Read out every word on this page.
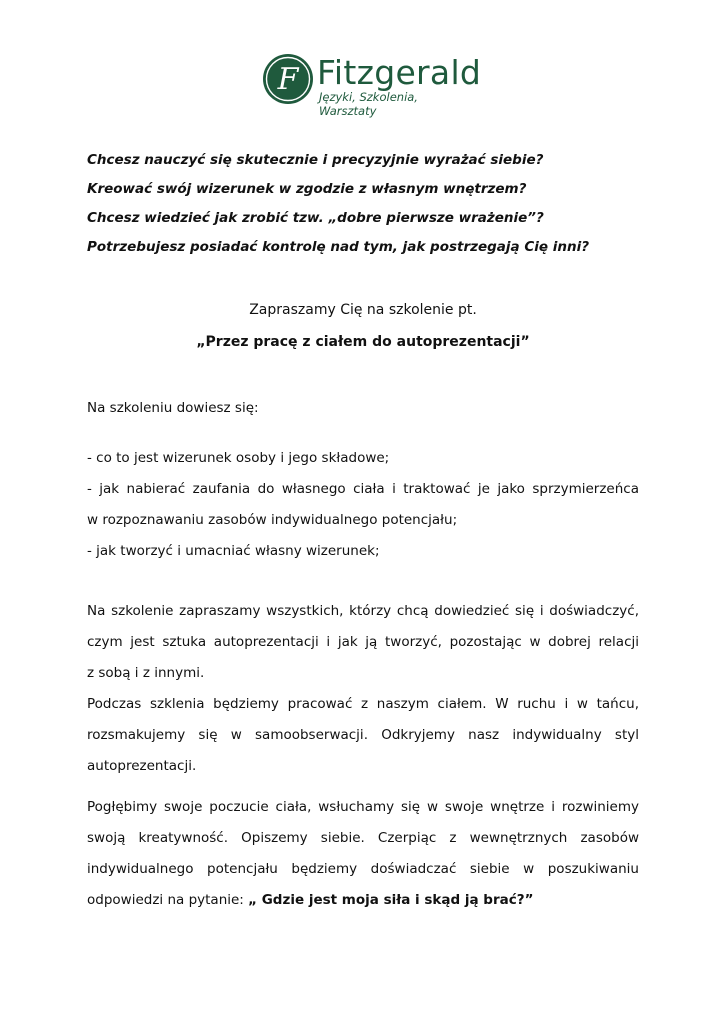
F Fitzgerald
Języki, Szkolenia, Warsztaty
Chcesz nauczyć się skutecznie i precyzyjnie wyrażać siebie?
Kreować swój wizerunek w zgodzie z własnym wnętrzem?
Chcesz wiedzieć jak zrobić tzw. „dobre pierwsze wrażenie”?
Potrzebujesz posiadać kontrolę nad tym, jak postrzegają Cię inni?
Zapraszamy Cię na szkolenie pt.
„Przez pracę z ciałem do autoprezentacji”
Na szkoleniu dowiesz się:
- co to jest wizerunek osoby i jego składowe;
- jak nabierać zaufania do własnego ciała i traktować je jako sprzymierzeńca
w rozpoznawaniu zasobów indywidualnego potencjału;
- jak tworzyć i umacniać własny wizerunek;
Na szkolenie zapraszamy wszystkich, którzy chcą dowiedzieć się i doświadczyć,
czym jest sztuka autoprezentacji i jak ją tworzyć, pozostając w dobrej relacji
z sobą i z innymi.
Podczas szklenia będziemy pracować z naszym ciałem. W ruchu i w tańcu,
rozsmakujemy się w samoobserwacji. Odkryjemy nasz indywidualny styl
autoprezentacji.
Pogłębimy swoje poczucie ciała, wsłuchamy się w swoje wnętrze i rozwiniemy
swoją kreatywność. Opiszemy siebie. Czerpiąc z wewnętrznych zasobów
indywidualnego potencjału będziemy doświadczać siebie w poszukiwaniu
odpowiedzi na pytanie: „ Gdzie jest moja siła i skąd ją brać?”
